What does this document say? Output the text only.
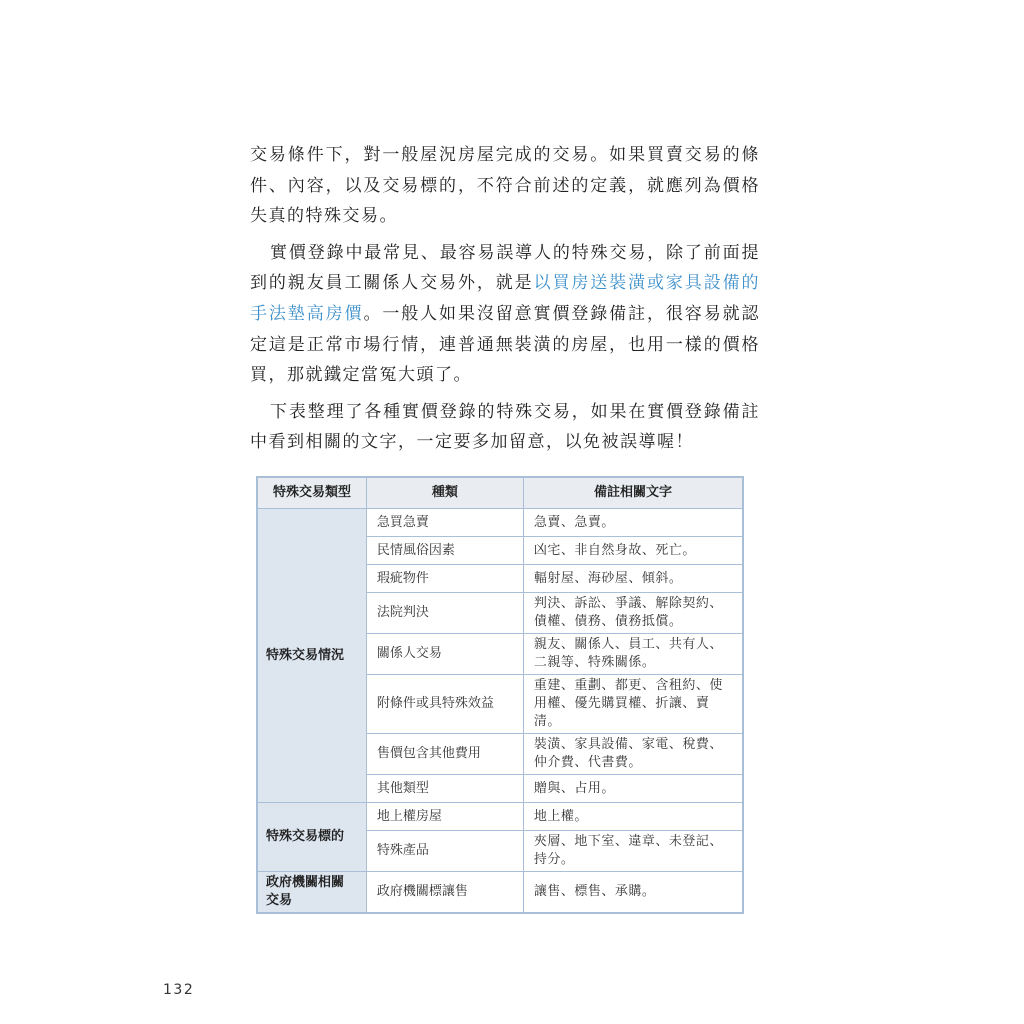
交易條件下，對一般屋況房屋完成的交易。如果買賣交易的條件、內容，以及交易標的，不符合前述的定義，就應列為價格失真的特殊交易。

實價登錄中最常見、最容易誤導人的特殊交易，除了前面提到的親友員工關係人交易外，就是以買房送裝潢或家具設備的手法墊高房價。一般人如果沒留意實價登錄備註，很容易就認定這是正常市場行情，連普通無裝潢的房屋，也用一樣的價格買，那就鐵定當冤大頭了。

下表整理了各種實價登錄的特殊交易，如果在實價登錄備註中看到相關的文字，一定要多加留意，以免被誤導喔！

特殊交易類型	種類	備註相關文字
特殊交易情況	急買急賣	急賣、急賣。
	民情風俗因素	凶宅、非自然身故、死亡。
	瑕疵物件	輻射屋、海砂屋、傾斜。
	法院判決	判決、訴訟、爭議、解除契約、債權、債務、債務抵償。
	關係人交易	親友、關係人、員工、共有人、二親等、特殊關係。
	附條件或具特殊效益	重建、重劃、都更、含租約、使用權、優先購買權、折讓、賣清。
	售價包含其他費用	裝潢、家具設備、家電、稅費、仲介費、代書費。
	其他類型	贈與、占用。
特殊交易標的	地上權房屋	地上權。
	特殊產品	夾層、地下室、違章、未登記、持分。
政府機關相關交易	政府機關標讓售	讓售、標售、承購。
132
